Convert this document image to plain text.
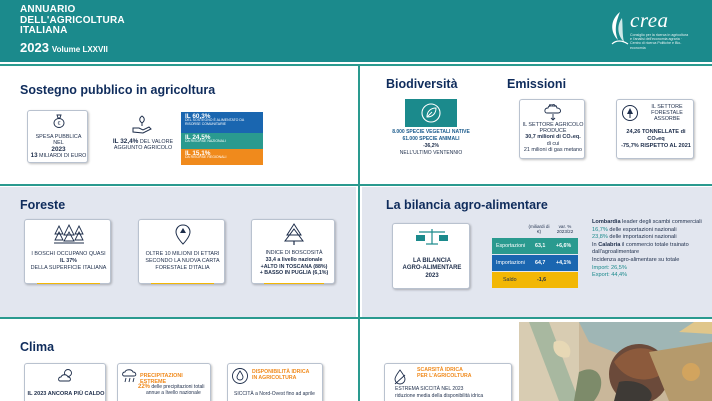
ANNUARIO
DELL'AGRICOLTURA
ITALIANA
2023 Volume LXXVII
crea
Consiglio per la ricerca in agricoltura e l'analisi dell'economia agraria · Centro di ricerca Politiche e Bio-economia
Sostegno pubblico in agricoltura
€
SPESA PUBBLICA
NEL
2023
13 MILIARDI DI EURO
IL 32,4% DEL VALORE AGGIUNTO AGRICOLO
IL 60,3%
DEL SOSTEGNO È ALIMENTATO DA RISORSE COMUNITARIE
IL 24,5%
DA RISORSE NAZIONALI
IL 15,1%
DA RISORSE REGIONALI
Biodiversità	Emissioni
8.000 SPECIE VEGETALI NATIVE
61.000 SPECIE ANIMALI
-36,2%
NELL'ULTIMO VENTENNIO
CO₂
IL SETTORE AGRICOLO
PRODUCE
30,7 milioni di CO₂eq.
di cui
21 milioni di gas metano
IL SETTORE
FORESTALE
ASSORBE
24,26 TONNELLATE di CO₂eq
-75,7% RISPETTO AL 2021
Foreste
I BOSCHI OCCUPANO QUASI
IL 37%
DELLA SUPERFICIE ITALIANA
OLTRE 10 MILIONI DI ETTARI
SECONDO LA NUOVA CARTA
FORESTALE D'ITALIA
INDICE DI BOSCOSITÀ
33,4 a livello nazionale
+ALTO IN TOSCANA (88%)
+ BASSO IN PUGLIA (6,1%)
La bilancia agro-alimentare
LA BILANCIA
AGRO-ALIMENTARE
2023
(miliardi di €)
var. % 2023/22
Esportazioni 63,1 +6,6%
Importazioni 64,7 +4,1%
Saldo	-1,6
Lombardia leader degli scambi commerciali
16,7% delle esportazioni nazionali
23,8% delle importazioni nazionali
In Calabria il commercio totale trainato dall'agroalimentare
Incidenza agro-alimentare su totale
Import: 26,5%
Export: 44,4%
Clima
IL 2023 ANCORA PIÙ CALDO
PRECIPITAZIONI ESTREME
22% delle precipitazioni totali
annue a livello nazionale
DISPONIBILITÀ IDRICA
IN AGRICOLTURA
SICCITÀ a Nord-Ovest fino ad aprile
SCARSITÀ IDRICA
PER L'AGRICOLTURA
ESTREMA SICCITÀ NEL 2023
riduzione media della disponibilità idrica
